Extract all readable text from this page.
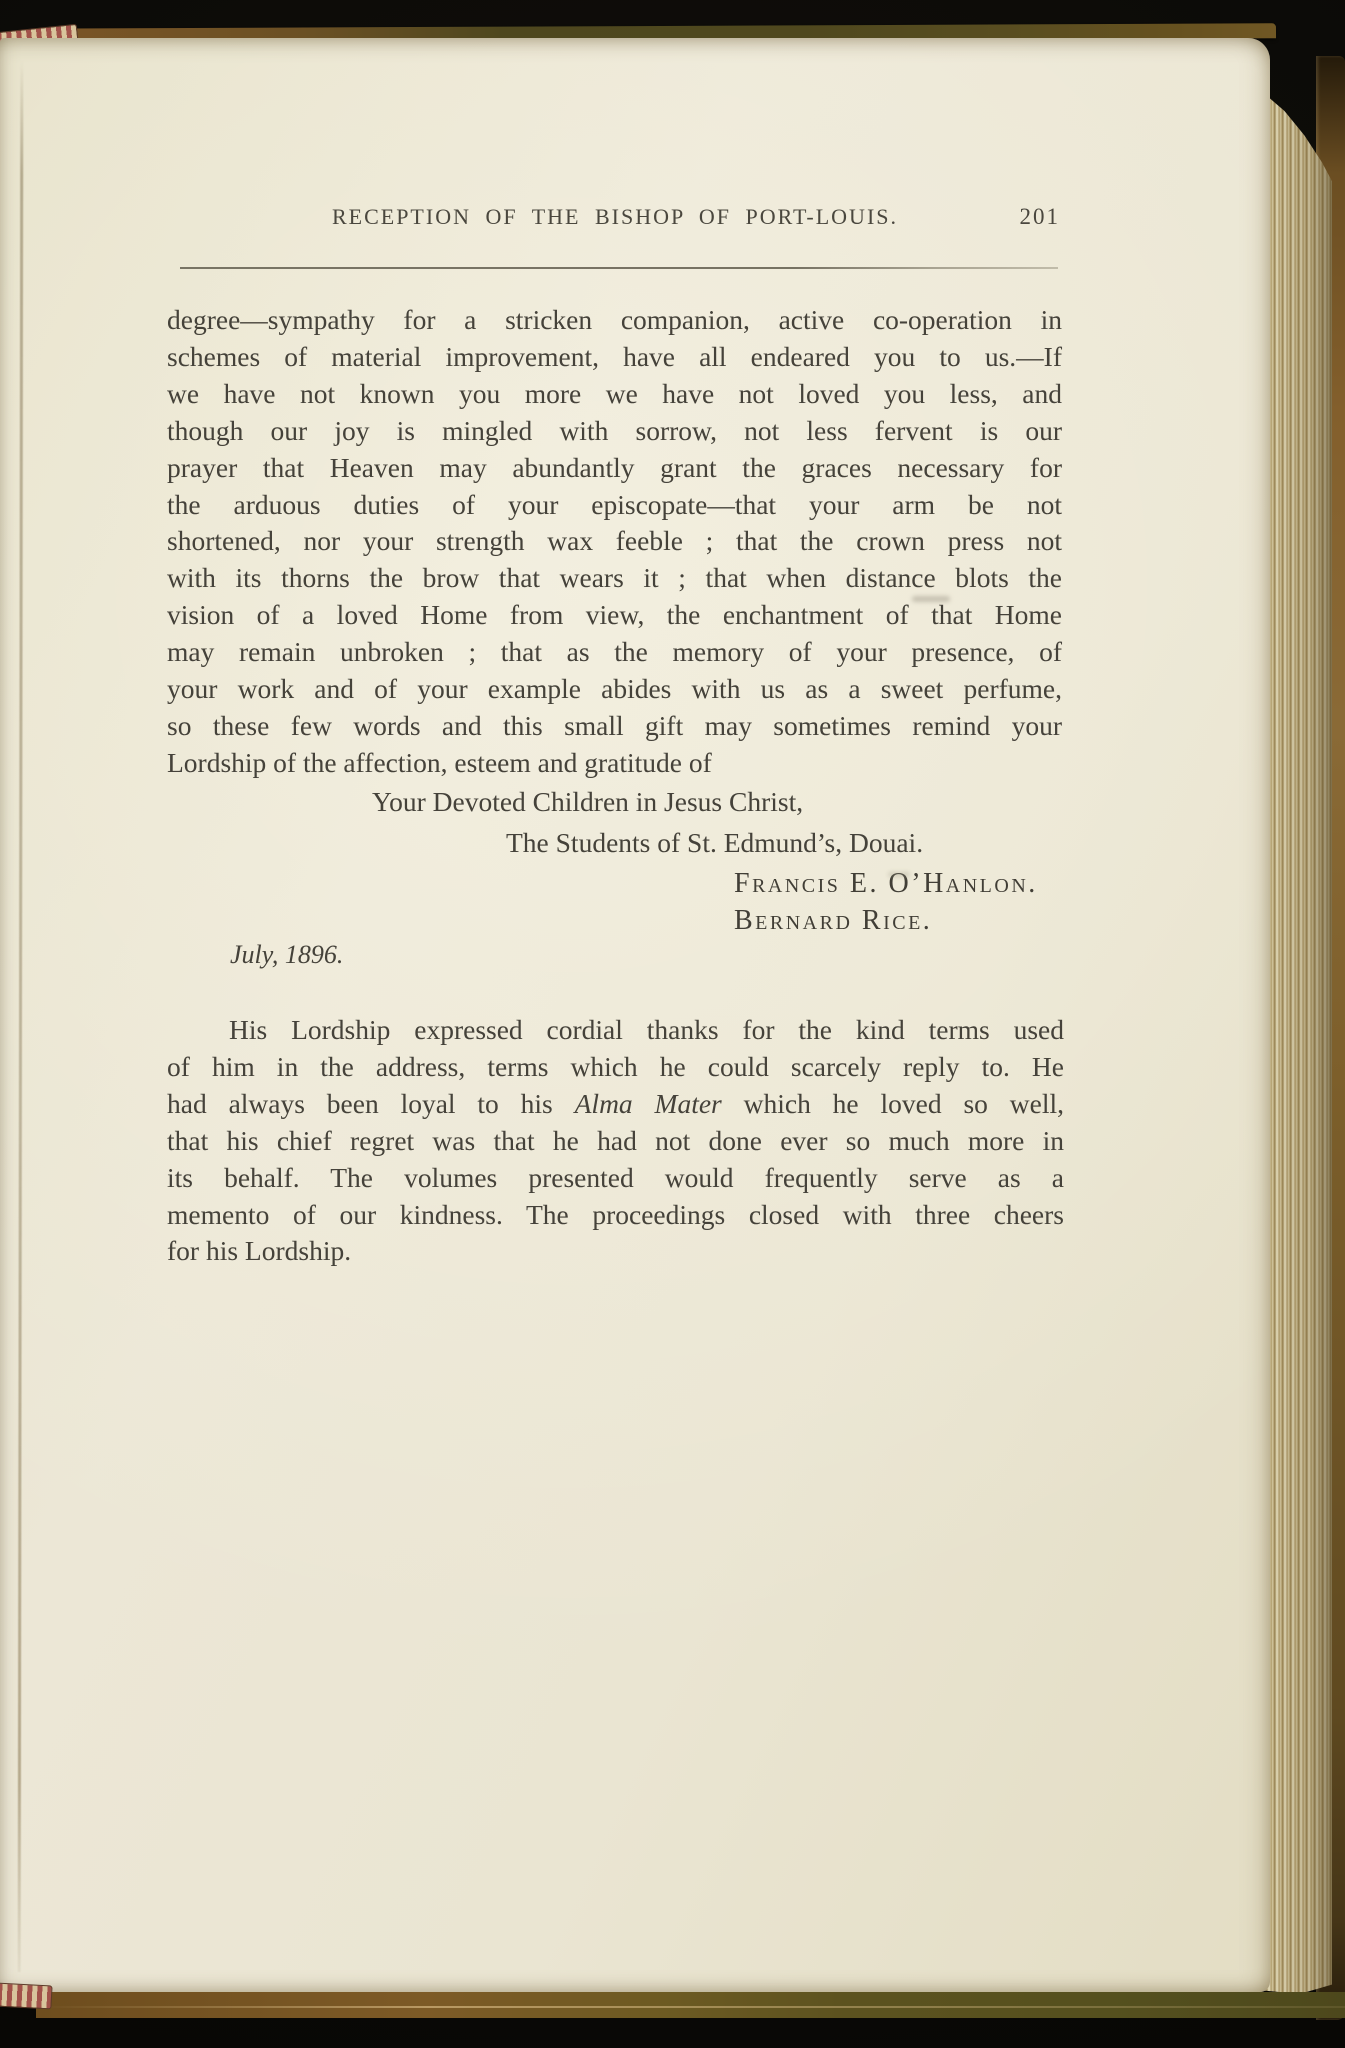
RECEPTION OF THE BISHOP OF PORT-LOUIS.	201
degree—sympathy for a stricken companion, active co-operation in
schemes of material improvement, have all endeared you to us.—If
we have not known you more we have not loved you less, and
though our joy is mingled with sorrow, not less fervent is our
prayer that Heaven may abundantly grant the graces necessary for
the arduous duties of your episcopate—that your arm be not
shortened, nor your strength wax feeble ; that the crown press not
with its thorns the brow that wears it ; that when distance blots the
vision of a loved Home from view, the enchantment of that Home
may remain unbroken ; that as the memory of your presence, of
your work and of your example abides with us as a sweet perfume,
so these few words and this small gift may sometimes remind your
Lordship of the affection, esteem and gratitude of
Your Devoted Children in Jesus Christ,
The Students of St. Edmund’s, Douai.
Francis E. O’Hanlon.
Bernard Rice.
July, 1896.
His Lordship expressed cordial thanks for the kind terms used
of him in the address, terms which he could scarcely reply to. He
had always been loyal to his Alma Mater which he loved so well,
that his chief regret was that he had not done ever so much more in
its behalf. The volumes presented would frequently serve as a
memento of our kindness. The proceedings closed with three cheers
for his Lordship.
